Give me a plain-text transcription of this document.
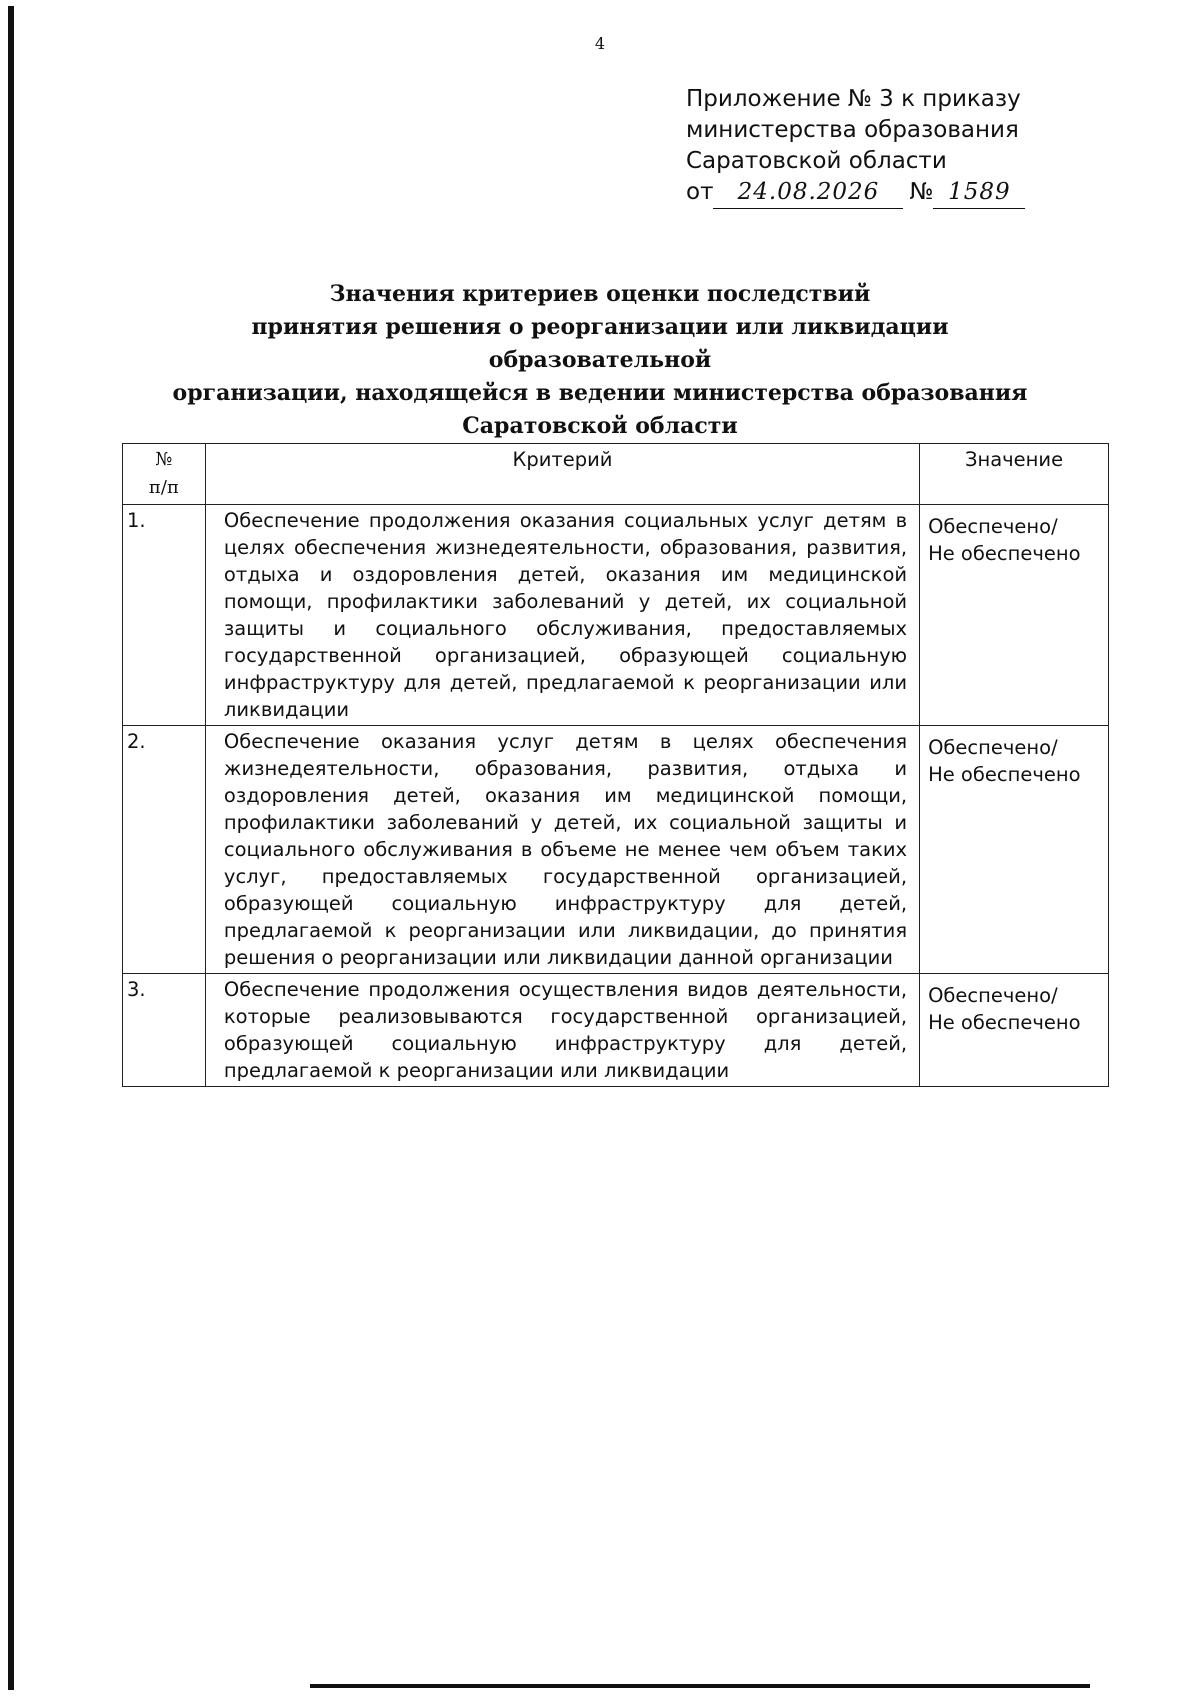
4
Приложение № 3 к приказу
министерства образования
Саратовской области
от	24.08.2026	№ 1589
Значения критериев оценки последствий
принятия решения о реорганизации или ликвидации образовательной
организации, находящейся в ведении министерства образования
Саратовской области
№
п/п	Критерий	Значение
1.	Обеспечение продолжения оказания социальных услуг детям в целях обеспечения жизнедеятельности, образования, развития, отдыха и оздоровления детей, оказания им медицинской помощи, профилактики заболеваний у детей, их социальной защиты и социального обслуживания, предоставляемых государственной организацией, образующей социальную инфраструктуру для детей, предлагаемой к реорганизации или ликвидации	Обеспечено/
Не обеспечено

2.	Обеспечение оказания услуг детям в целях обеспечения жизнедеятельности, образования, развития, отдыха и оздоровления детей, оказания им медицинской помощи, профилактики заболеваний у детей, их социальной защиты и социального обслуживания в объеме не менее чем объем таких услуг, предоставляемых государственной организацией, образующей социальную инфраструктуру для детей, предлагаемой к реорганизации или ликвидации, до принятия решения о реорганизации или ликвидации данной организации	Обеспечено/
Не обеспечено

3.	Обеспечение продолжения осуществления видов деятельности, которые реализовываются государственной организацией, образующей социальную инфраструктуру для детей, предлагаемой к реорганизации или ликвидации	Обеспечено/
Не обеспечено
